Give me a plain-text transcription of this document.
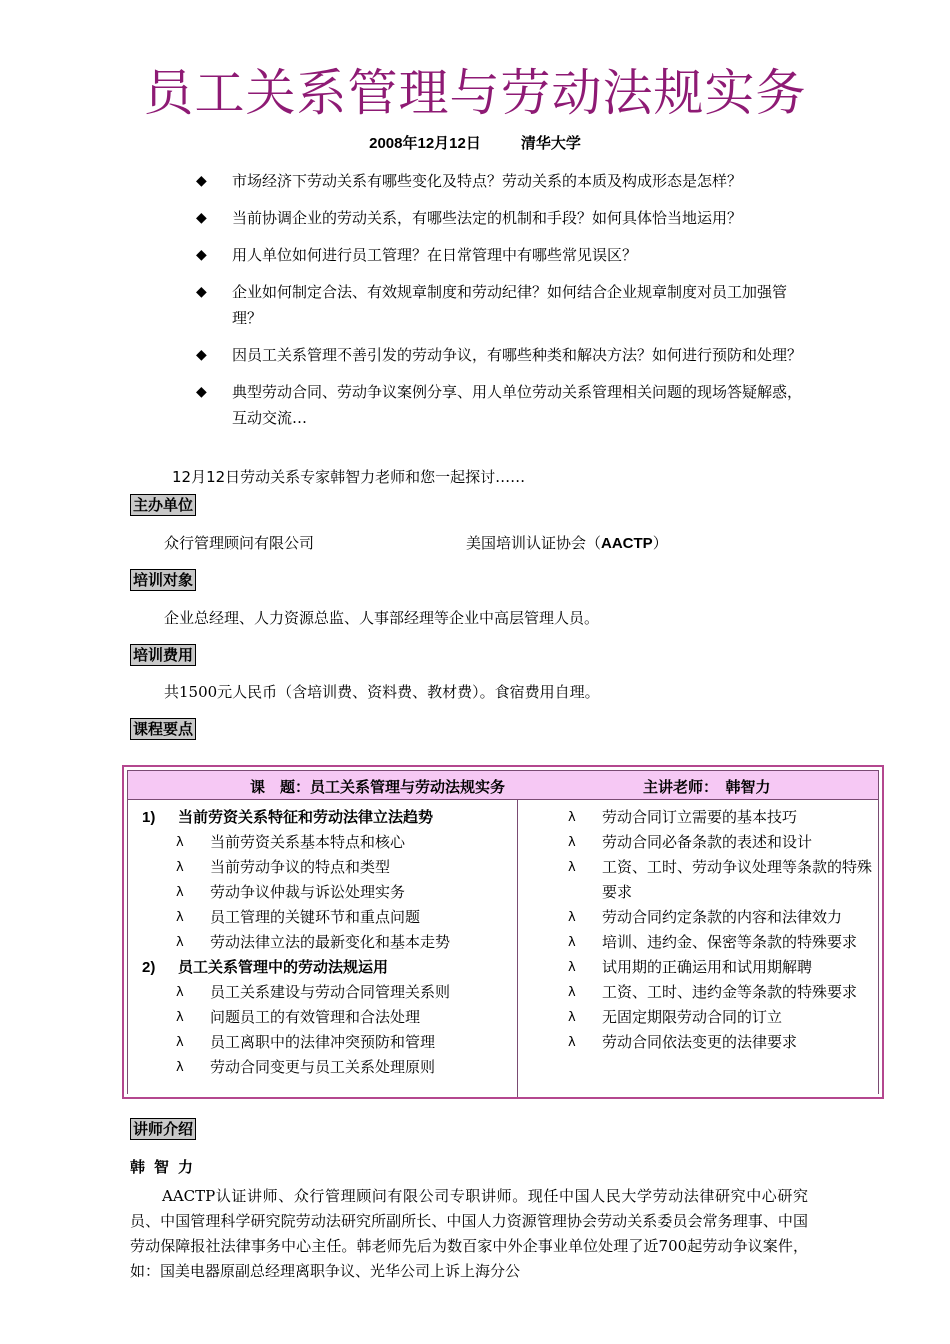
员工关系管理与劳动法规实务
2008年12月12日	清华大学
◆ 市场经济下劳动关系有哪些变化及特点？劳动关系的本质及构成形态是怎样？
◆ 当前协调企业的劳动关系，有哪些法定的机制和手段？如何具体恰当地运用？
◆ 用人单位如何进行员工管理？在日常管理中有哪些常见误区？
◆ 企业如何制定合法、有效规章制度和劳动纪律？如何结合企业规章制度对员工加强管理？
◆ 因员工关系管理不善引发的劳动争议，有哪些种类和解决方法？如何进行预防和处理？
◆ 典型劳动合同、劳动争议案例分享、用人单位劳动关系管理相关问题的现场答疑解惑，互动交流…
12月12日劳动关系专家韩智力老师和您一起探讨……
主办单位
众行管理顾问有限公司	美国培训认证协会（AACTP）
培训对象
企业总经理、人力资源总监、人事部经理等企业中高层管理人员。
培训费用
共1500元人民币（含培训费、资料费、教材费）。食宿费用自理。
课程要点
课　题：员工关系管理与劳动法规实务	主讲老师：　韩智力
1) 当前劳资关系特征和劳动法律立法趋势
λ 当前劳资关系基本特点和核心
λ 当前劳动争议的特点和类型
λ 劳动争议仲裁与诉讼处理实务
λ 员工管理的关键环节和重点问题
λ 劳动法律立法的最新变化和基本走势
2) 员工关系管理中的劳动法规运用
λ 员工关系建设与劳动合同管理关系则
λ 问题员工的有效管理和合法处理
λ 员工离职中的法律冲突预防和管理
λ 劳动合同变更与员工关系处理原则
λ 劳动合同订立需要的基本技巧
λ 劳动合同必备条款的表述和设计
λ 工资、工时、劳动争议处理等条款的特殊要求
λ 劳动合同约定条款的内容和法律效力
λ 培训、违约金、保密等条款的特殊要求
λ 试用期的正确运用和试用期解聘
λ 工资、工时、违约金等条款的特殊要求
λ 无固定期限劳动合同的订立
λ 劳动合同依法变更的法律要求
讲师介绍
韩智力
AACTP认证讲师、众行管理顾问有限公司专职讲师。现任中国人民大学劳动法律研究中心研究员、中国管理科学研究院劳动法研究所副所长、中国人力资源管理协会劳动关系委员会常务理事、中国劳动保障报社法律事务中心主任。韩老师先后为数百家中外企事业单位处理了近700起劳动争议案件，如：国美电器原副总经理离职争议、光华公司上诉上海分公
